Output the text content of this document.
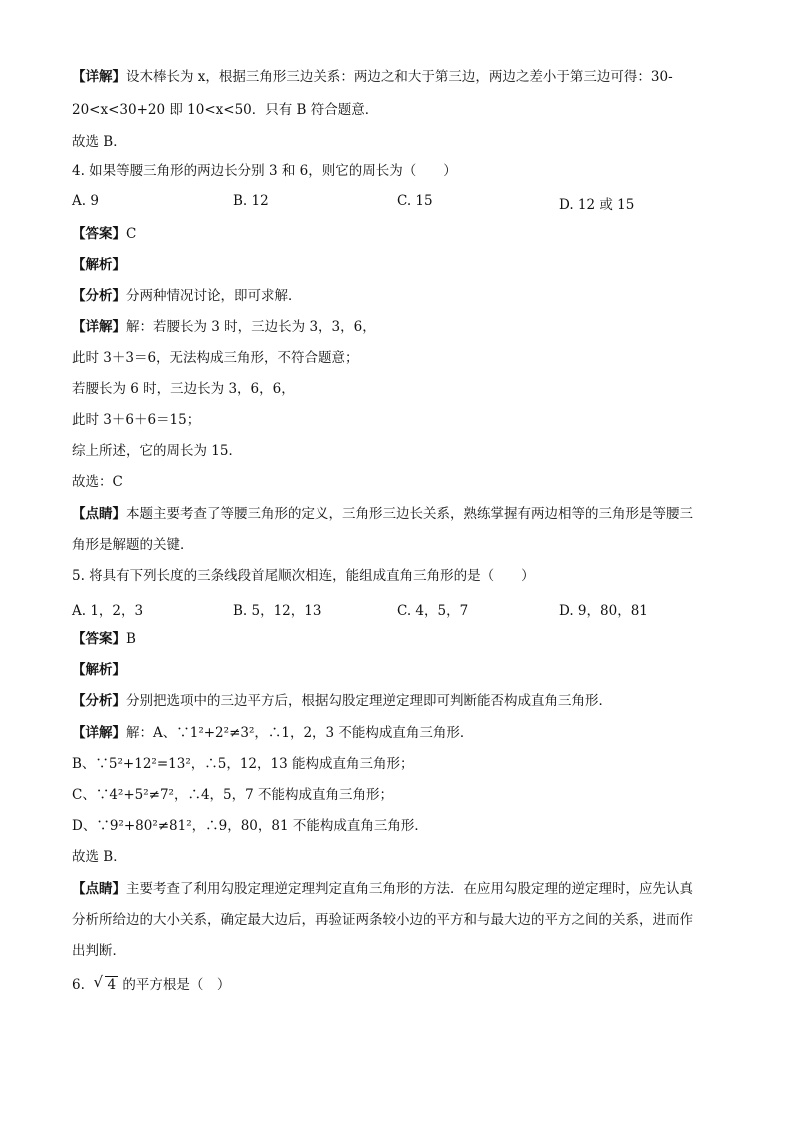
【详解】设木棒长为 x，根据三角形三边关系：两边之和大于第三边，两边之差小于第三边可得：30-
20<x<30+20 即 10<x<50．只有 B 符合题意．
故选 B．
4. 如果等腰三角形的两边长分别 3 和 6，则它的周长为（　　）
A. 9	B. 12	C. 15	D. 12 或 15
【答案】C
【解析】
【分析】分两种情况讨论，即可求解．
【详解】解：若腰长为 3 时，三边长为 3，3，6，
此时 3＋3＝6，无法构成三角形，不符合题意；
若腰长为 6 时，三边长为 3，6，6，
此时 3＋6＋6＝15；
综上所述，它的周长为 15．
故选：C
【点睛】本题主要考查了等腰三角形的定义，三角形三边长关系，熟练掌握有两边相等的三角形是等腰三
角形是解题的关键．
5. 将具有下列长度的三条线段首尾顺次相连，能组成直角三角形的是（　　）
A. 1，2，3	B. 5，12，13	C. 4，5，7	D. 9，80，81
【答案】B
【解析】
【分析】分别把选项中的三边平方后，根据勾股定理逆定理即可判断能否构成直角三角形．
【详解】解：A、∵1²+2²≠3²，∴1，2，3 不能构成直角三角形．
B、∵5²+12²=13²，∴5，12，13 能构成直角三角形；
C、∵4²+5²≠7²，∴4，5，7 不能构成直角三角形；
D、∵9²+80²≠81²，∴9，80，81 不能构成直角三角形．
故选 B．
【点睛】主要考查了利用勾股定理逆定理判定直角三角形的方法．在应用勾股定理的逆定理时，应先认真
分析所给边的大小关系，确定最大边后，再验证两条较小边的平方和与最大边的平方之间的关系，进而作
出判断．
6. √ 4 的平方根是（　）
